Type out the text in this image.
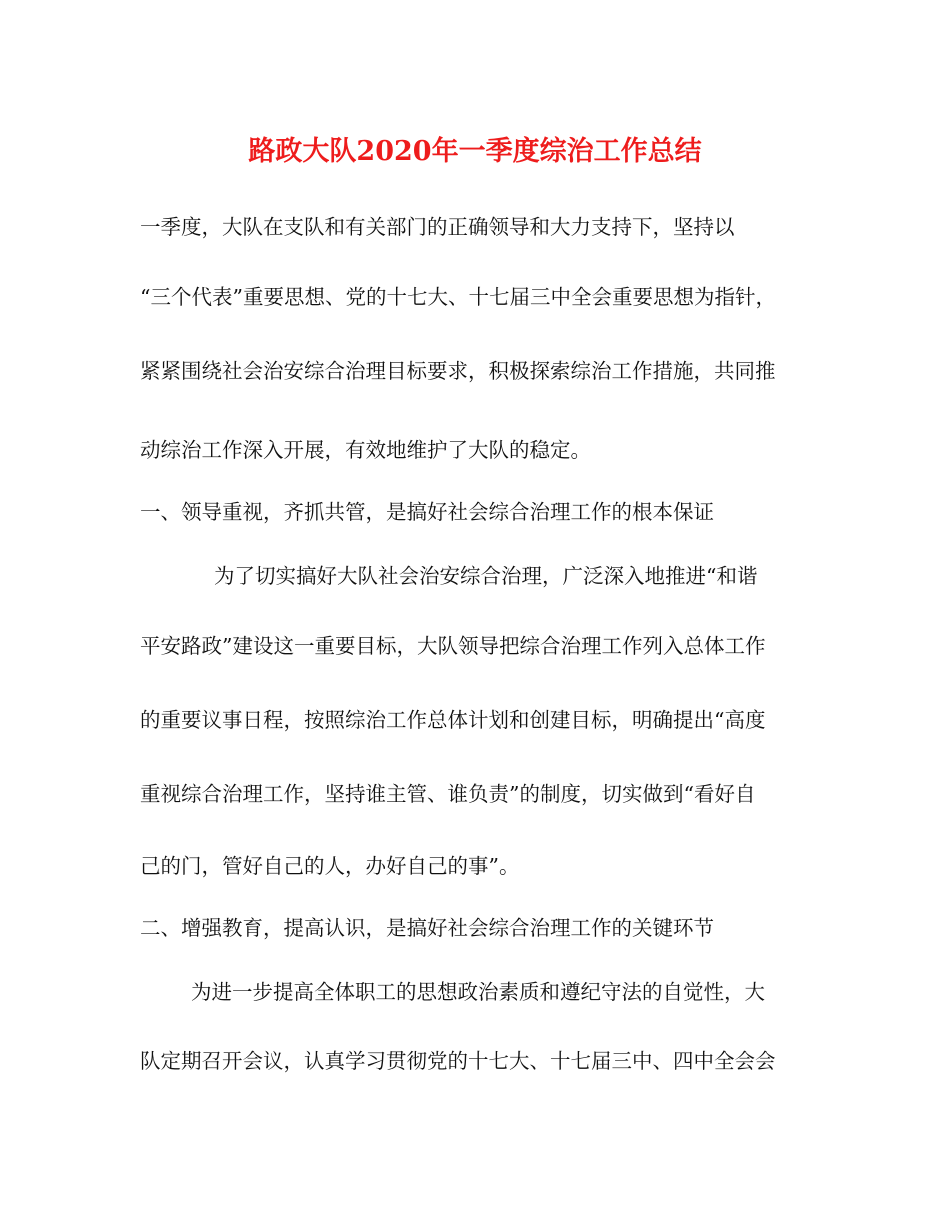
路政大队2020年一季度综治工作总结
一季度，大队在支队和有关部门的正确领导和大力支持下，坚持以
“三个代表”重要思想、党的十七大、十七届三中全会重要思想为指针，
紧紧围绕社会治安综合治理目标要求，积极探索综治工作措施，共同推
动综治工作深入开展，有效地维护了大队的稳定。
一、领导重视，齐抓共管，是搞好社会综合治理工作的根本保证
为了切实搞好大队社会治安综合治理，广泛深入地推进“和谐
平安路政”建设这一重要目标，大队领导把综合治理工作列入总体工作
的重要议事日程，按照综治工作总体计划和创建目标，明确提出“高度
重视综合治理工作，坚持谁主管、谁负责”的制度，切实做到“看好自
己的门，管好自己的人，办好自己的事”。
二、增强教育，提高认识，是搞好社会综合治理工作的关键环节
为进一步提高全体职工的思想政治素质和遵纪守法的自觉性，大
队定期召开会议，认真学习贯彻党的十七大、十七届三中、四中全会会
